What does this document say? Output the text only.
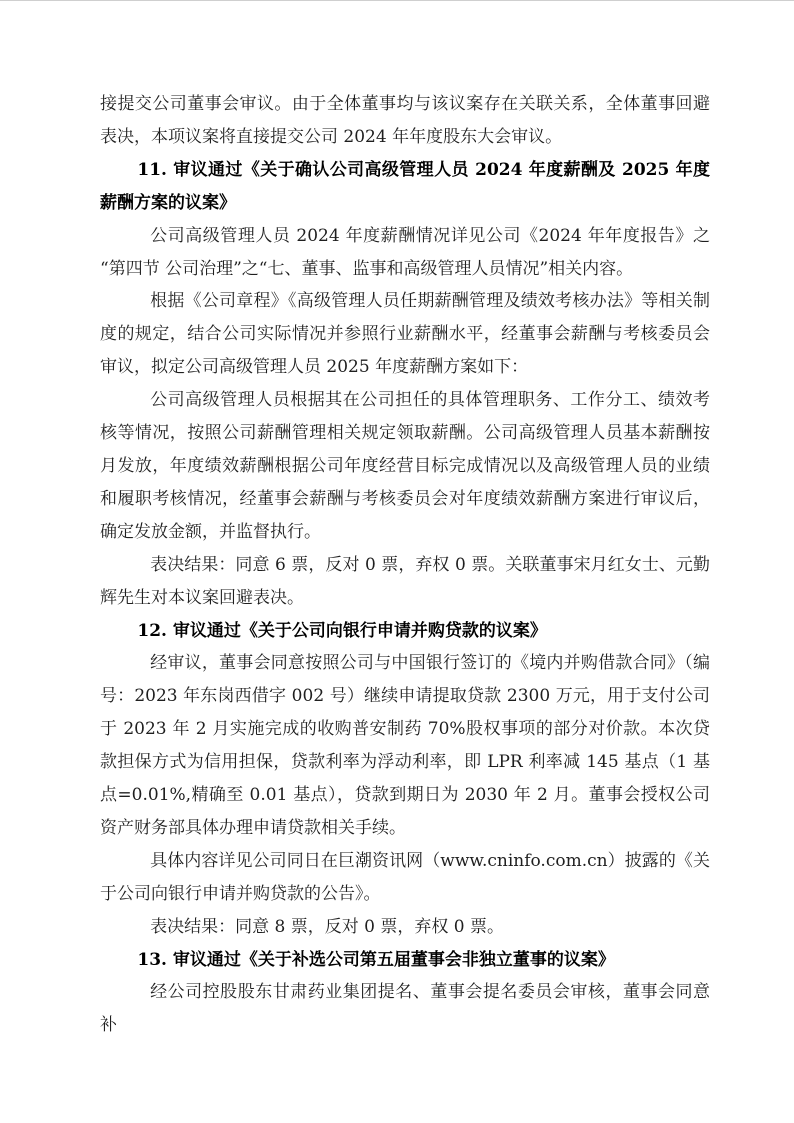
接提交公司董事会审议。由于全体董事均与该议案存在关联关系，全体董事回避表决，本项议案将直接提交公司 2024 年年度股东大会审议。

11. 审议通过《关于确认公司高级管理人员 2024 年度薪酬及 2025 年度薪酬方案的议案》

公司高级管理人员 2024 年度薪酬情况详见公司《2024 年年度报告》之“第四节 公司治理”之“七、董事、监事和高级管理人员情况”相关内容。

根据《公司章程》《高级管理人员任期薪酬管理及绩效考核办法》等相关制度的规定，结合公司实际情况并参照行业薪酬水平，经董事会薪酬与考核委员会审议，拟定公司高级管理人员 2025 年度薪酬方案如下：

公司高级管理人员根据其在公司担任的具体管理职务、工作分工、绩效考核等情况，按照公司薪酬管理相关规定领取薪酬。公司高级管理人员基本薪酬按月发放，年度绩效薪酬根据公司年度经营目标完成情况以及高级管理人员的业绩和履职考核情况，经董事会薪酬与考核委员会对年度绩效薪酬方案进行审议后，确定发放金额，并监督执行。

表决结果：同意 6 票，反对 0 票，弃权 0 票。关联董事宋月红女士、元勤辉先生对本议案回避表决。

12. 审议通过《关于公司向银行申请并购贷款的议案》

经审议，董事会同意按照公司与中国银行签订的《境内并购借款合同》（编号：2023 年东岗西借字 002 号）继续申请提取贷款 2300 万元，用于支付公司于 2023 年 2 月实施完成的收购普安制药 70%股权事项的部分对价款。本次贷款担保方式为信用担保，贷款利率为浮动利率，即 LPR 利率减 145 基点（1 基点=0.01%,精确至 0.01 基点），贷款到期日为 2030 年 2 月。董事会授权公司资产财务部具体办理申请贷款相关手续。

具体内容详见公司同日在巨潮资讯网（www.cninfo.com.cn）披露的《关于公司向银行申请并购贷款的公告》。

表决结果：同意 8 票，反对 0 票，弃权 0 票。

13. 审议通过《关于补选公司第五届董事会非独立董事的议案》

经公司控股股东甘肃药业集团提名、董事会提名委员会审核，董事会同意补
